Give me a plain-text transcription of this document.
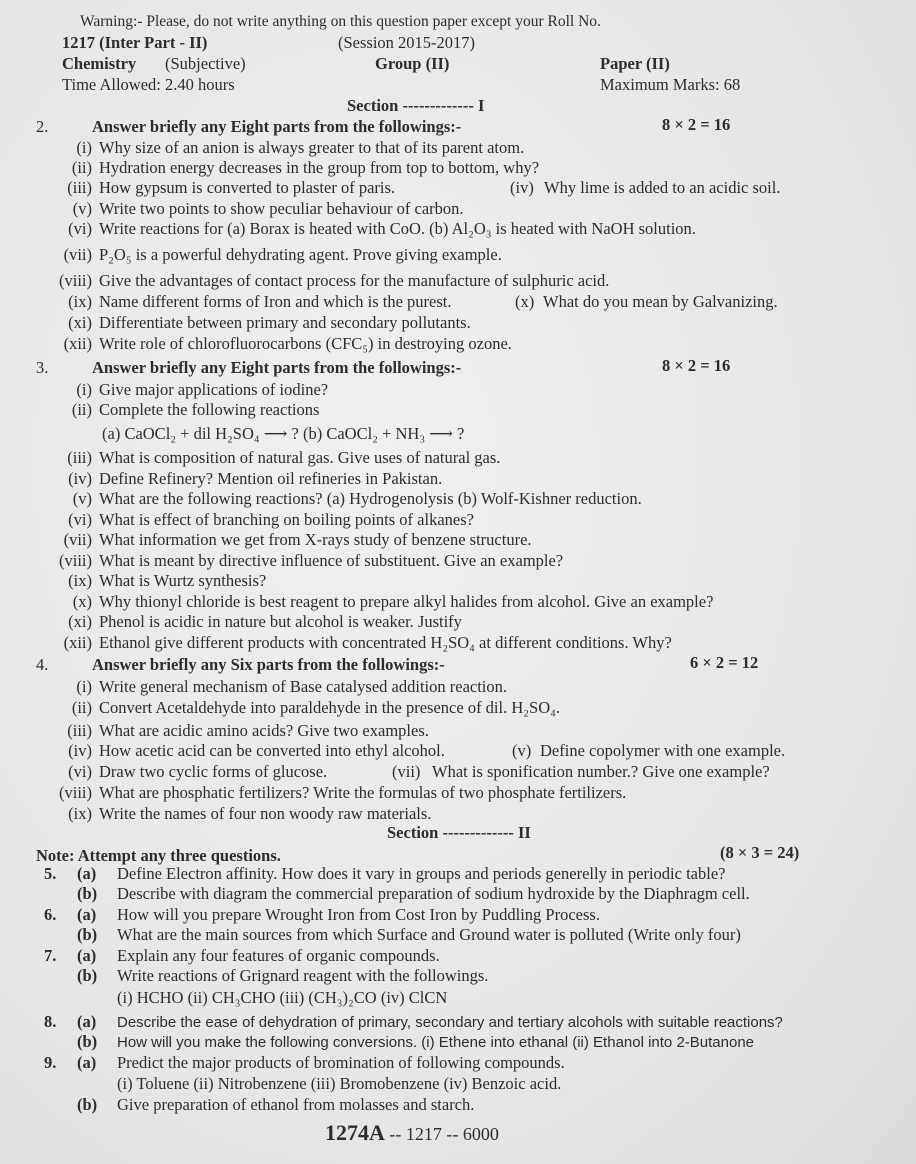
Warning:- Please, do not write anything on this question paper except your Roll No.
1217 (Inter Part - II)	(Session 2015-2017)
Chemistry (Subjective)	Group (II)	Paper (II)
Time Allowed: 2.40 hours	Maximum Marks: 68
Section ------------- I
Section ------------- II
Note: Attempt any three questions.	(8 × 3 = 24)
1274A -- 1217 -- 6000
2.	Answer briefly any Eight parts from the followings:-	8 × 2 = 16
(i) Why size of an anion is always greater to that of its parent atom.
(ii) Hydration energy decreases in the group from top to bottom, why?
(iii) How gypsum is converted to plaster of paris.	(iv) Why lime is added to an acidic soil.
(v) Write two points to show peculiar behaviour of carbon.
(vi) Write reactions for (a) Borax is heated with CoO. (b) Al₂O₃ is heated with NaOH solution.
(vii) P₂O₅ is a powerful dehydrating agent. Prove giving example.
(viii) Give the advantages of contact process for the manufacture of sulphuric acid.
(ix) Name different forms of Iron and which is the purest.	(x) What do you mean by Galvanizing.
(xi) Differentiate between primary and secondary pollutants.
(xii) Write role of chlorofluorocarbons (CFC₅) in destroying ozone.
3.	Answer briefly any Eight parts from the followings:-	8 × 2 = 16
(i) Give major applications of iodine?
(ii) Complete the following reactions
(a) CaOCl₂ + dil H₂SO₄ ⟶ ? (b) CaOCl₂ + NH₃ ⟶ ?
(iii) What is composition of natural gas. Give uses of natural gas.
(iv) Define Refinery? Mention oil refineries in Pakistan.
(v) What are the following reactions? (a) Hydrogenolysis (b) Wolf-Kishner reduction.
(vi) What is effect of branching on boiling points of alkanes?
(vii) What information we get from X-rays study of benzene structure.
(viii) What is meant by directive influence of substituent. Give an example?
(ix) What is Wurtz synthesis?
(x) Why thionyl chloride is best reagent to prepare alkyl halides from alcohol. Give an example?
(xi) Phenol is acidic in nature but alcohol is weaker. Justify
(xii) Ethanol give different products with concentrated H₂SO₄ at different conditions. Why?
4.	Answer briefly any Six parts from the followings:-	6 × 2 = 12
(i) Write general mechanism of Base catalysed addition reaction.
(ii) Convert Acetaldehyde into paraldehyde in the presence of dil. H₂SO₄.
(iii) What are acidic amino acids? Give two examples.
(iv) How acetic acid can be converted into ethyl alcohol.	(v) Define copolymer with one example.
(vi) Draw two cyclic forms of glucose.	(vii) What is sponification number.? Give one example?
(viii) What are phosphatic fertilizers? Write the formulas of two phosphate fertilizers.
(ix) Write the names of four non woody raw materials.
5. (a) Define Electron affinity. How does it vary in groups and periods generelly in periodic table?
(b) Describe with diagram the commercial preparation of sodium hydroxide by the Diaphragm cell.
6. (a) How will you prepare Wrought Iron from Cost Iron by Puddling Process.
(b) What are the main sources from which Surface and Ground water is polluted (Write only four)
7. (a) Explain any four features of organic compounds.
(b) Write reactions of Grignard reagent with the followings.
(i) HCHO (ii) CH₃CHO (iii) (CH₃)₂CO (iv) ClCN
8. (a) Describe the ease of dehydration of primary, secondary and tertiary alcohols with suitable reactions?
(b) How will you make the following conversions. (i) Ethene into ethanal (ii) Ethanol into 2-Butanone
9. (a) Predict the major products of bromination of following compounds.
(i) Toluene (ii) Nitrobenzene (iii) Bromobenzene (iv) Benzoic acid.
(b) Give preparation of ethanol from molasses and starch.
